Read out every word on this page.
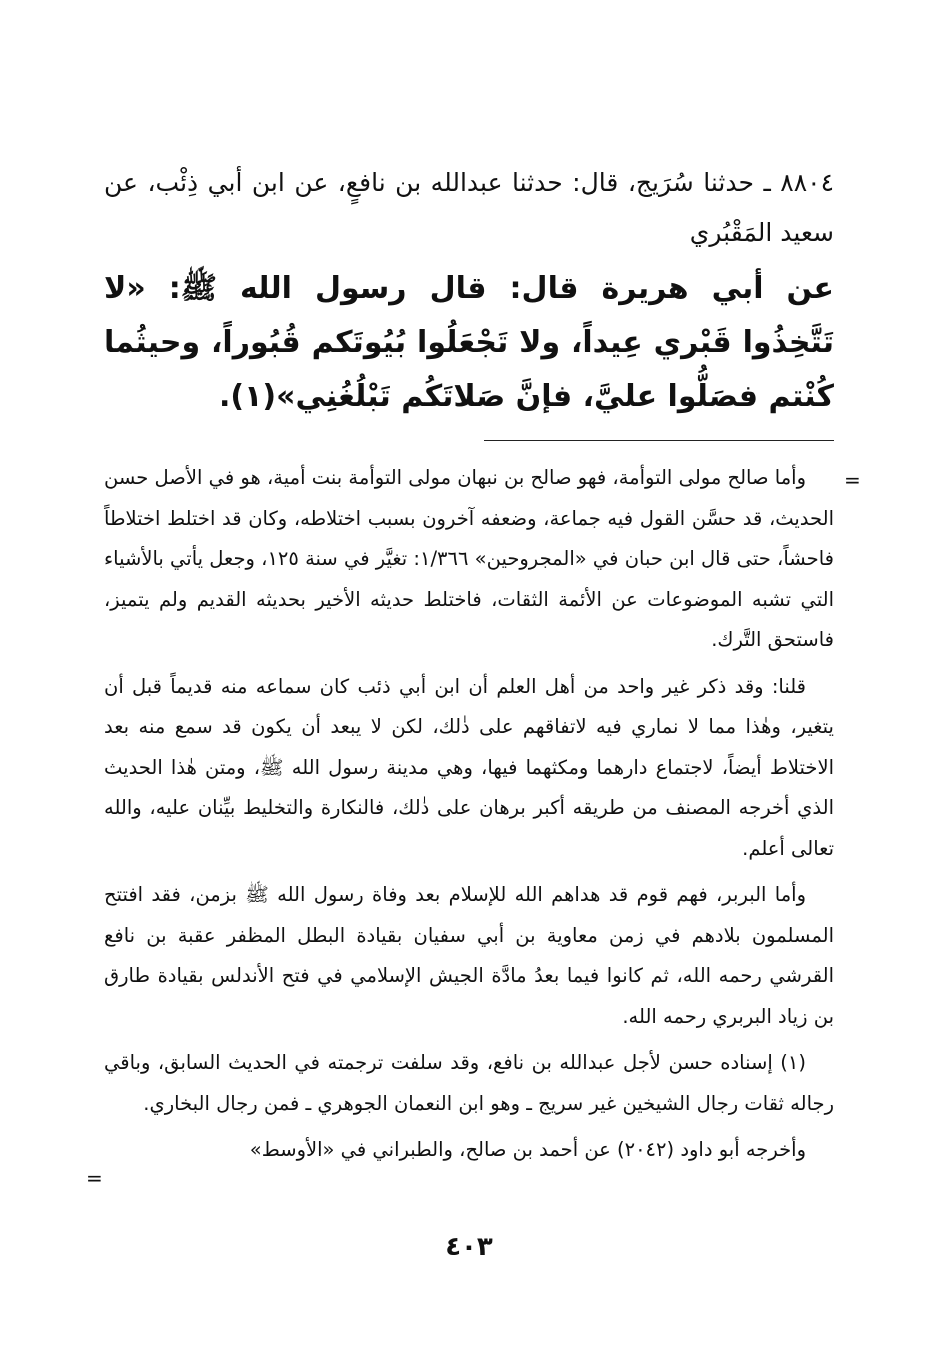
٨٨٠٤ ـ حدثنا سُرَيج، قال: حدثنا عبدالله بن نافعٍ، عن ابن أبي ذِئْب، عن سعيد المَقْبُري
عن أبي هريرة قال: قال رسول الله ﷺ: «لا تَتَّخِذُوا قَبْري عِيداً، ولا تَجْعَلُوا بُيُوتَكم قُبُوراً، وحيثُما كُنْتم فصَلُّوا عليَّ، فإنَّ صَلاتَكُم تَبْلُغُنِي»(١).
=

وأما صالح مولى التوأمة، فهو صالح بن نبهان مولى التوأمة بنت أمية، هو في الأصل حسن الحديث، قد حسَّن القول فيه جماعة، وضعفه آخرون بسبب اختلاطه، وكان قد اختلط اختلاطاً فاحشاً، حتى قال ابن حبان في «المجروحين» ١/٣٦٦: تغيَّر في سنة ١٢٥، وجعل يأتي بالأشياء التي تشبه الموضوعات عن الأئمة الثقات، فاختلط حديثه الأخير بحديثه القديم ولم يتميز، فاستحق التَّرك.

قلنا: وقد ذكر غير واحد من أهل العلم أن ابن أبي ذئب كان سماعه منه قديماً قبل أن يتغير، وهٰذا مما لا نماري فيه لاتفاقهم على ذٰلك، لكن لا يبعد أن يكون قد سمع منه بعد الاختلاط أيضاً، لاجتماع دارهما ومكثهما فيها، وهي مدينة رسول الله ﷺ، ومتن هٰذا الحديث الذي أخرجه المصنف من طريقه أكبر برهان على ذٰلك، فالنكارة والتخليط بيِّنان عليه، والله تعالى أعلم.

وأما البربر، فهم قوم قد هداهم الله للإسلام بعد وفاة رسول الله ﷺ بزمن، فقد افتتح المسلمون بلادهم في زمن معاوية بن أبي سفيان بقيادة البطل المظفر عقبة بن نافع القرشي رحمه الله، ثم كانوا فيما بعدُ مادَّة الجيش الإسلامي في فتح الأندلس بقيادة طارق بن زياد البربري رحمه الله.

(١) إسناده حسن لأجل عبدالله بن نافع، وقد سلفت ترجمته في الحديث السابق، وباقي رجاله ثقات رجال الشيخين غير سريج ـ وهو ابن النعمان الجوهري ـ فمن رجال البخاري.

وأخرجه أبو داود (٢٠٤٢) عن أحمد بن صالح، والطبراني في «الأوسط»

=
٤٠٣
